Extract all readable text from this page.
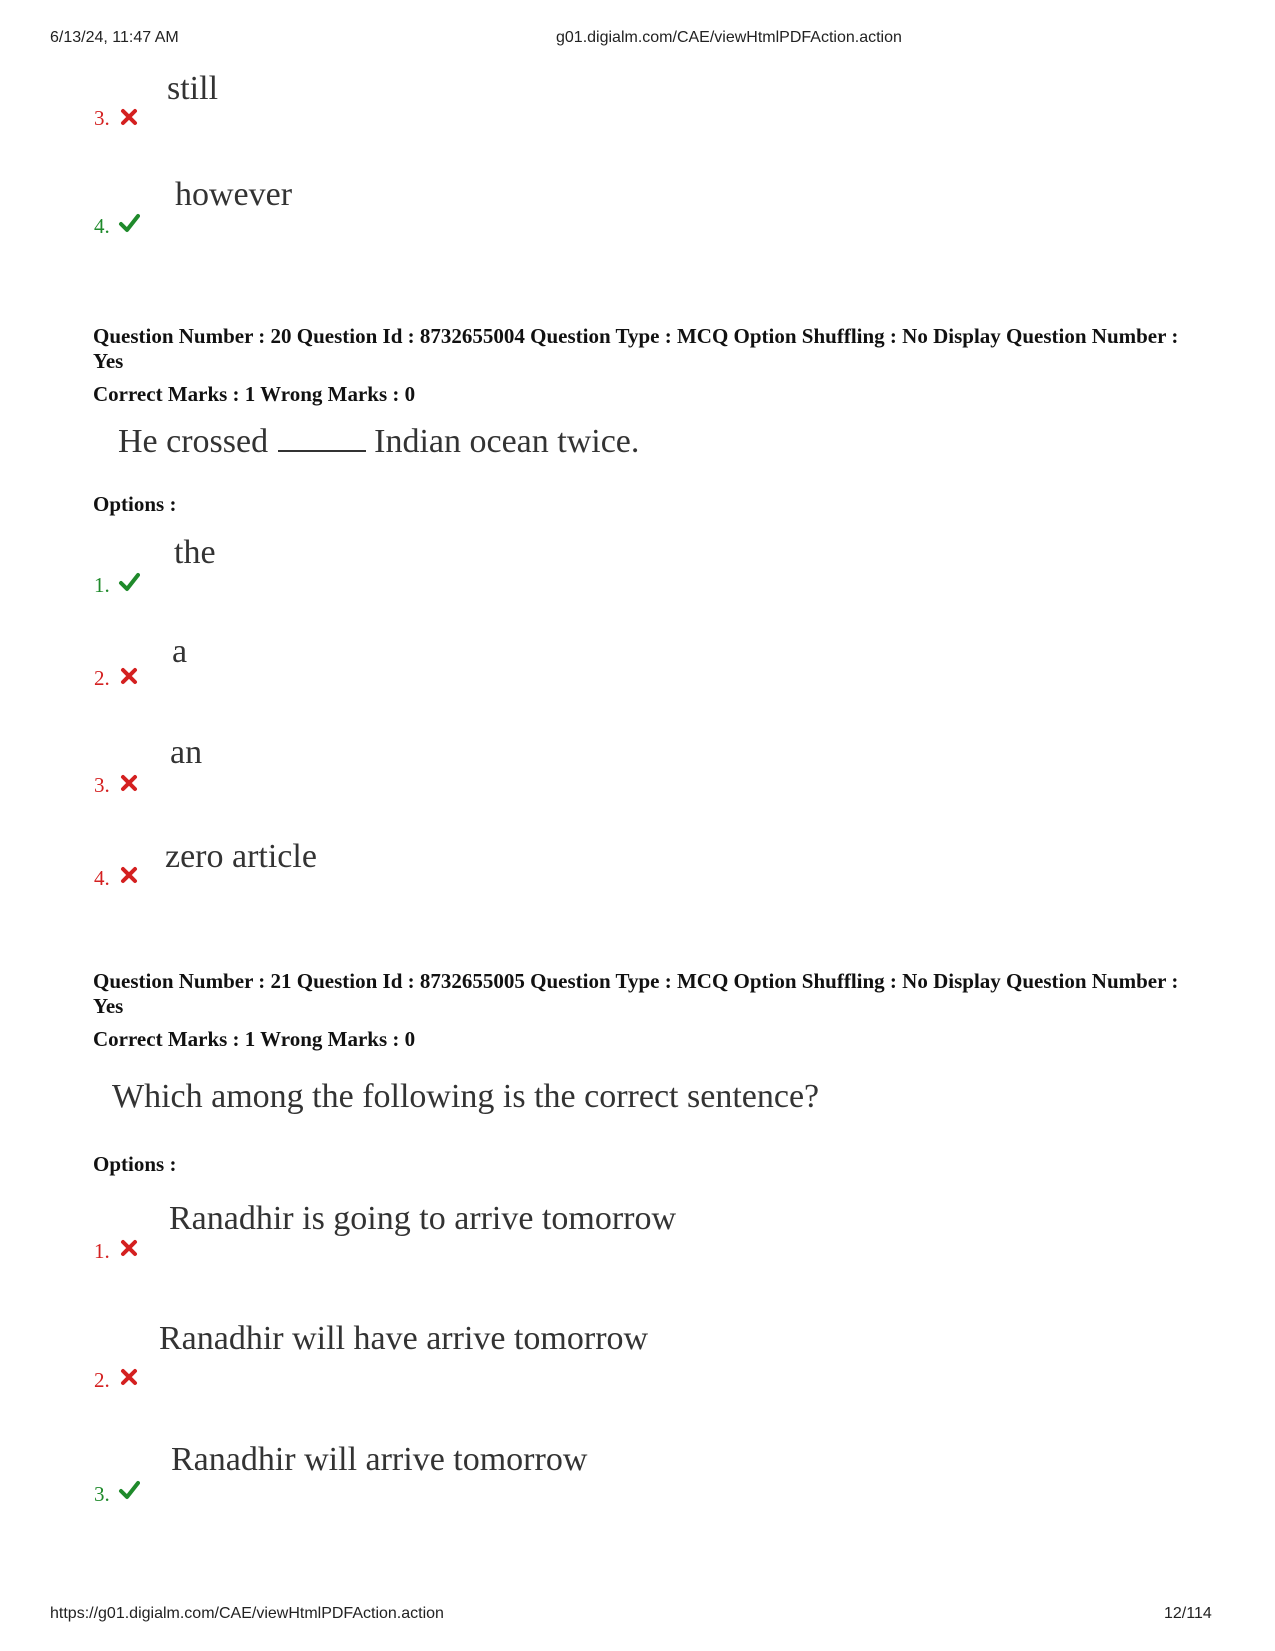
6/13/24, 11:47 AM	g01.digialm.com/CAE/viewHtmlPDFAction.action
3.
still
4.
however
Question Number : 20 Question Id : 8732655004 Question Type : MCQ Option Shuffling : No Display Question Number : Yes
Correct Marks : 1 Wrong Marks : 0
He crossed	Indian ocean twice.
Options :
1.
the
2.
a
3.
an
4.
zero article
Question Number : 21 Question Id : 8732655005 Question Type : MCQ Option Shuffling : No Display Question Number : Yes
Correct Marks : 1 Wrong Marks : 0
Which among the following is the correct sentence?
Options :
1.
Ranadhir is going to arrive tomorrow
2.
Ranadhir will have arrive tomorrow
3.
Ranadhir will arrive tomorrow
https://g01.digialm.com/CAE/viewHtmlPDFAction.action	12/114
